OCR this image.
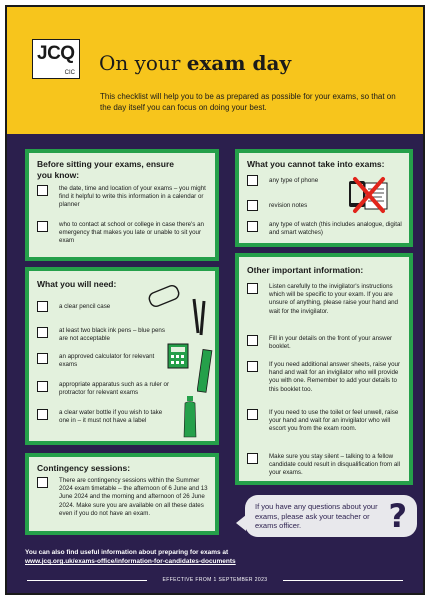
JCQ
CIC On your exam day
This checklist will help you to be as prepared as possible for your exams, so that on the day itself you can focus on doing your best.
Before sitting your exams, ensure you know:
the date, time and location of your exams – you might find it helpful to write this information in a calendar or planner
who to contact at school or college in case there's an emergency that makes you late or unable to sit your exam
What you cannot take into exams:
any type of phone
revision notes
any type of watch (this includes analogue, digital and smart watches)
What you will need:
a clear pencil case
at least two black ink pens – blue pens are not acceptable
an approved calculator for relevant exams
appropriate apparatus such as a ruler or protractor for relevant exams
a clear water bottle if you wish to take one in – it must not have a label
Other important information:
Listen carefully to the invigilator's instructions which will be specific to your exam. If you are unsure of anything, please raise your hand and wait for the invigilator.
Fill in your details on the front of your answer booklet.
If you need additional answer sheets, raise your hand and wait for an invigilator who will provide you with one. Remember to add your details to this booklet too.
If you need to use the toilet or feel unwell, raise your hand and wait for an invigilator who will escort you from the exam room.
Make sure you stay silent – talking to a fellow candidate could result in disqualification from all your exams.
Contingency sessions:
There are contingency sessions within the Summer 2024 exam timetable – the afternoon of 6 June and 13 June 2024 and the morning and afternoon of 26 June 2024. Make sure you are available on all these dates even if you do not have an exam.
If you have any questions about your exams, please ask your teacher or exams officer.	?
You can also find useful information about preparing for exams at
www.jcq.org.uk/exams-office/information-for-candidates-documents
EFFECTIVE FROM 1 SEPTEMBER 2023
